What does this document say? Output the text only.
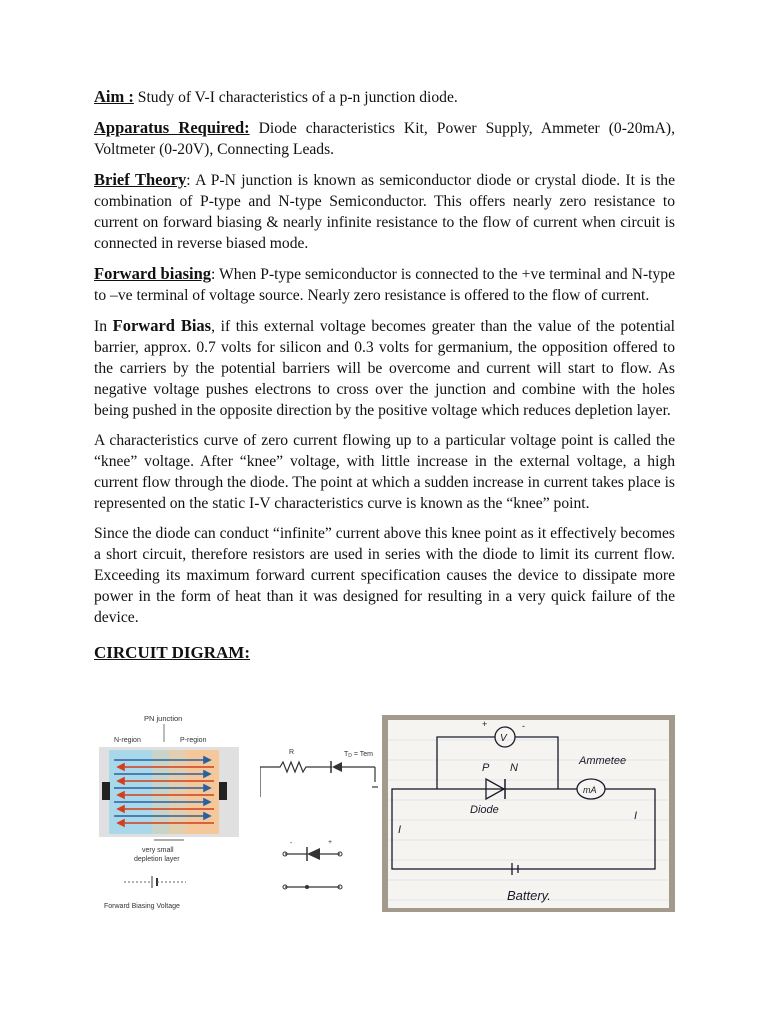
Aim : Study of V-I characteristics of a p-n junction diode.

Apparatus Required: Diode characteristics Kit, Power Supply, Ammeter (0-20mA), Voltmeter (0-20V), Connecting Leads.

Brief Theory: A P-N junction is known as semiconductor diode or crystal diode. It is the combination of P-type and N-type Semiconductor. This offers nearly zero resistance to current on forward biasing & nearly infinite resistance to the flow of current when circuit is connected in reverse biased mode.

Forward biasing: When P-type semiconductor is connected to the +ve terminal and N-type to –ve terminal of voltage source. Nearly zero resistance is offered to the flow of current.

In Forward Bias, if this external voltage becomes greater than the value of the potential barrier, approx. 0.7 volts for silicon and 0.3 volts for germanium, the opposition offered to the carriers by the potential barriers will be overcome and current will start to flow. As negative voltage pushes electrons to cross over the junction and combine with the holes being pushed in the opposite direction by the positive voltage which reduces depletion layer.

A characteristics curve of zero current flowing up to a particular voltage point is called the “knee” voltage. After “knee” voltage, with little increase in the external voltage, a high current flow through the diode. The point at which a sudden increase in current takes place is represented on the static I-V characteristics curve is known as the “knee” point.

Since the diode can conduct “infinite” current above this knee point as it effectively becomes a short circuit, therefore resistors are used in series with the diode to limit its current flow. Exceeding its maximum forward current specification causes the device to dissipate more power in the form of heat than it was designed for resulting in a very quick failure of the device.

CIRCUIT DIGRAM:

PN junction
N-region	P-region
very small
depletion layer
Forward Biasing Voltage
R	TD = Tem
-	+
V
+	-
P N
Ammetee
mA
Diode
I
I
Battery.
